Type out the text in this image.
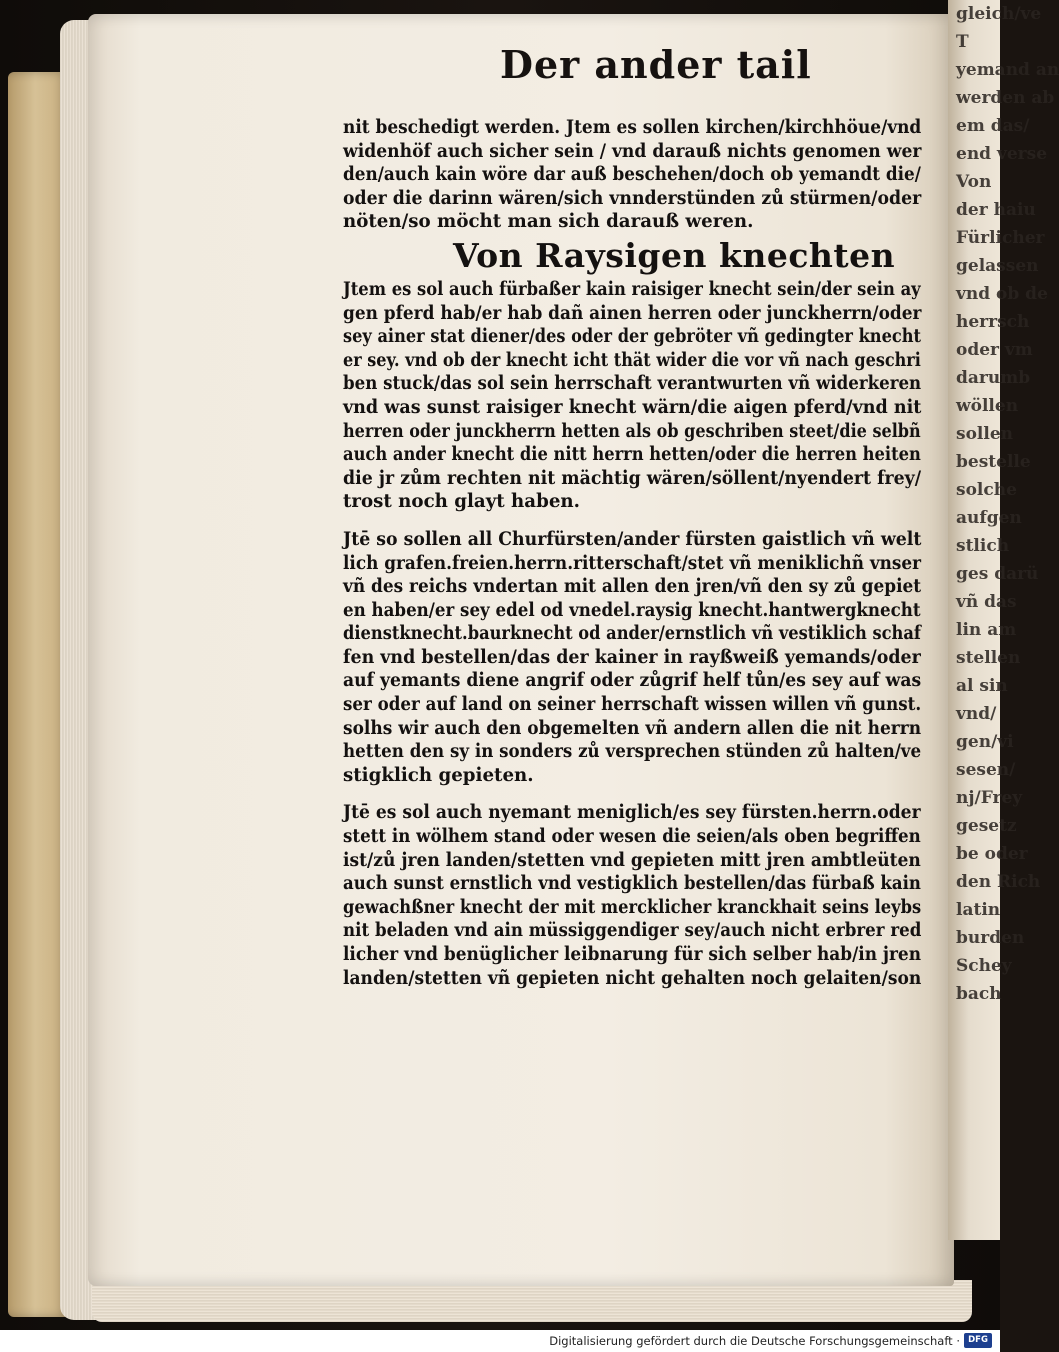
gleich/ve
T
yemand an
werden ab
em das/
end verse
Von
der haiu
Fürlicher
gelassen
vnd ob de
herrsch
oder vm
darumb
wöllen
sollen
bestelle
solche
aufgen
stlich
ges darü
vñ das
lin am
stellen
al sin
vnd/
gen/vi
sesen/
nj/Frey
gesetz
be oder
den Rich
latin
burden
Schey
bach
Der ander tail
nit beschedigt werden. Jtem es sollen kirchen/kirchhöue/vnd
widenhöf auch sicher sein / vnd darauß nichts genomen wer
den/auch kain wöre dar auß beschehen/doch ob yemandt die/
oder die darinn wären/sich vnnderstünden zů stürmen/oder
nöten/so möcht man sich darauß weren.
Von Raysigen knechten
Jtem es sol auch fürbaßer kain raisiger knecht sein/der sein ay
gen pferd hab/er hab dañ ainen herren oder junckherrn/oder
sey ainer stat diener/des oder der gebröter vñ gedingter knecht
er sey. vnd ob der knecht icht thät wider die vor vñ nach geschri
ben stuck/das sol sein herrschaft verantwurten vñ widerkeren
vnd was sunst raisiger knecht wärn/die aigen pferd/vnd nit
herren oder junckherrn hetten als ob geschriben steet/die selbñ
auch ander knecht die nitt herrn hetten/oder die herren heiten
die jr zům rechten nit mächtig wären/söllent/nyendert frey/
trost noch glayt haben.
Jtē so sollen all Churfürsten/ander fürsten gaistlich vñ welt
lich grafen.freien.herrn.ritterschaft/stet vñ meniklichñ vnser
vñ des reichs vndertan mit allen den jren/vñ den sy zů gepiet
en haben/er sey edel od vnedel.raysig knecht.hantwergknecht
dienstknecht.baurknecht od ander/ernstlich vñ vestiklich schaf
fen vnd bestellen/das der kainer in rayßweiß yemands/oder
auf yemants diene angrif oder zůgrif helf tůn/es sey auf was
ser oder auf land on seiner herrschaft wissen willen vñ gunst.
solhs wir auch den obgemelten vñ andern allen die nit herrn
hetten den sy in sonders zů versprechen stünden zů halten/ve
stigklich gepieten.
Jtē es sol auch nyemant meniglich/es sey fürsten.herrn.oder
stett in wölhem stand oder wesen die seien/als oben begriffen
ist/zů jren landen/stetten vnd gepieten mitt jren ambtleüten
auch sunst ernstlich vnd vestigklich bestellen/das fürbaß kain
gewachßner knecht der mit mercklicher kranckhait seins leybs
nit beladen vnd ain müssiggendiger sey/auch nicht erbrer red
licher vnd benüglicher leibnarung für sich selber hab/in jren
landen/stetten vñ gepieten nicht gehalten noch gelaiten/son
Digitalisierung gefördert durch die Deutsche Forschungsgemeinschaft · DFG
